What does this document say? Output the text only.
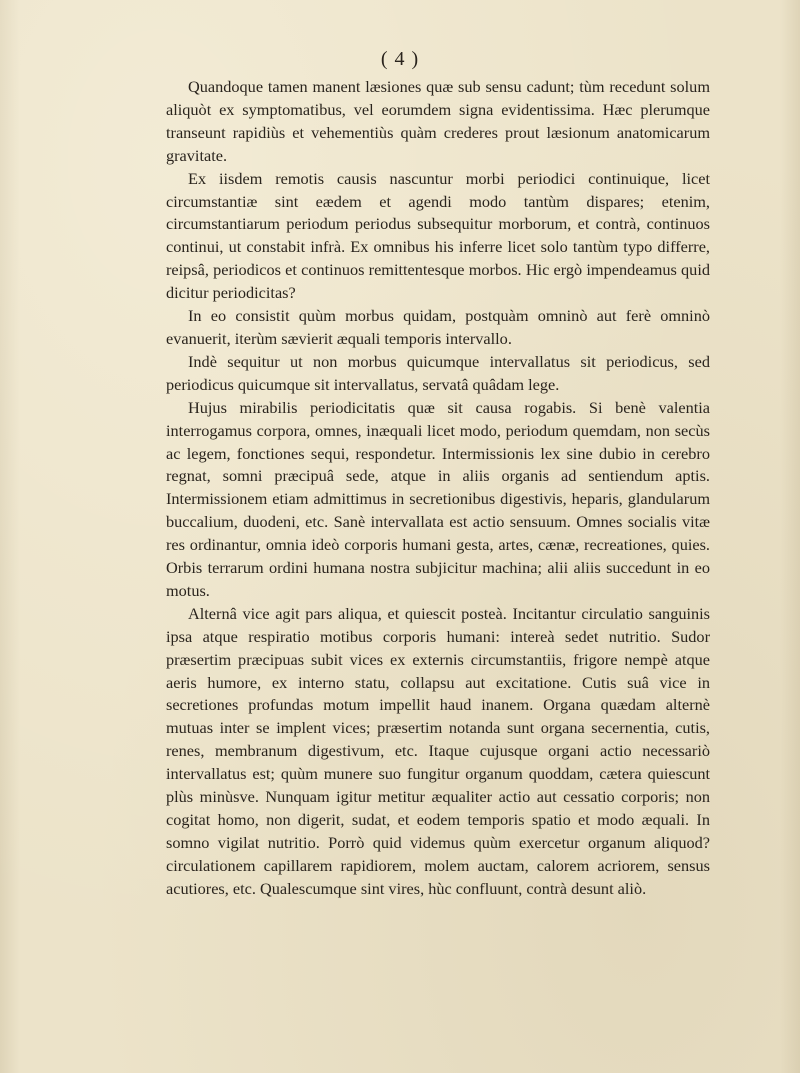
( 4 )

Quandoque tamen manent læsiones quæ sub sensu cadunt; tùm recedunt solum aliquòt ex symptomatibus, vel eorumdem signa evidentissima. Hæc plerumque transeunt rapidiùs et vehementiùs quàm crederes prout læsionum anatomicarum gravitate.

Ex iisdem remotis causis nascuntur morbi periodici continuique, licet circumstantiæ sint eædem et agendi modo tantùm dispares; etenim, circumstantiarum periodum periodus subsequitur morborum, et contrà, continuos continui, ut constabit infrà. Ex omnibus his inferre licet solo tantùm typo differre, reipsâ, periodicos et continuos remittentesque morbos. Hic ergò impendeamus quid dicitur periodicitas?

In eo consistit quùm morbus quidam, postquàm omninò aut ferè omninò evanuerit, iterùm sævierit æquali temporis intervallo.

Indè sequitur ut non morbus quicumque intervallatus sit periodicus, sed periodicus quicumque sit intervallatus, servatâ quâdam lege.

Hujus mirabilis periodicitatis quæ sit causa rogabis. Si benè valentia interrogamus corpora, omnes, inæquali licet modo, periodum quemdam, non secùs ac legem, fonctiones sequi, respondetur. Intermissionis lex sine dubio in cerebro regnat, somni præcipuâ sede, atque in aliis organis ad sentiendum aptis. Intermissionem etiam admittimus in secretionibus digestivis, heparis, glandularum buccalium, duodeni, etc. Sanè intervallata est actio sensuum. Omnes socialis vitæ res ordinantur, omnia ideò corporis humani gesta, artes, cænæ, recreationes, quies. Orbis terrarum ordini humana nostra subjicitur machina; alii aliis succedunt in eo motus.

Alternâ vice agit pars aliqua, et quiescit posteà. Incitantur circulatio sanguinis ipsa atque respiratio motibus corporis humani: intereà sedet nutritio. Sudor præsertim præcipuas subit vices ex externis circumstantiis, frigore nempè atque aeris humore, ex interno statu, collapsu aut excitatione. Cutis suâ vice in secretiones profundas motum impellit haud inanem. Organa quædam alternè mutuas inter se implent vices; præsertim notanda sunt organa secernentia, cutis, renes, membranum digestivum, etc. Itaque cujusque organi actio necessariò intervallatus est; quùm munere suo fungitur organum quoddam, cætera quiescunt plùs minùsve. Nunquam igitur metitur æqualiter actio aut cessatio corporis; non cogitat homo, non digerit, sudat, et eodem temporis spatio et modo æquali. In somno vigilat nutritio. Porrò quid videmus quùm exercetur organum aliquod? circulationem capillarem rapidiorem, molem auctam, calorem acriorem, sensus acutiores, etc. Qualescumque sint vires, hùc confluunt, contrà desunt aliò.
